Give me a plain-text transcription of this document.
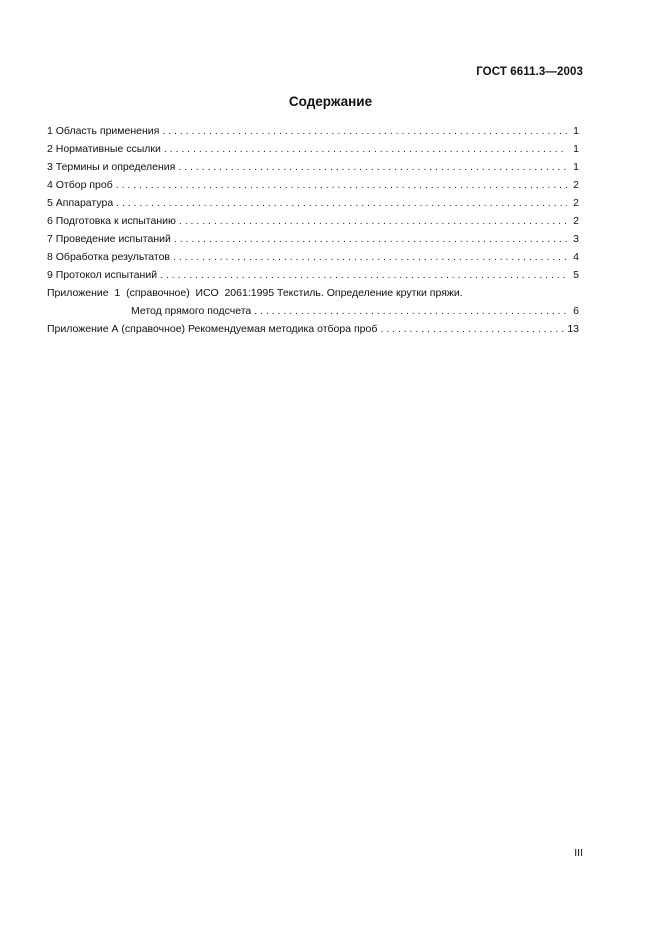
ГОСТ 6611.3—2003
Содержание
1 Область применения . . .	1
2 Нормативные ссылки . . .	1
3 Термины и определения . . .	1
4 Отбор проб . . .	2
5 Аппаратура . . .	2
6 Подготовка к испытанию . . .	2
7 Проведение испытаний . . .	3
8 Обработка результатов . . .	4
9 Протокол испытаний . . .	5
Приложение  1  (справочное)  ИСО  2061:1995 Текстиль. Определение крутки пряжи.
Метод прямого подсчета . . .	6
Приложение А (справочное) Рекомендуемая методика отбора проб . . .	13
III
